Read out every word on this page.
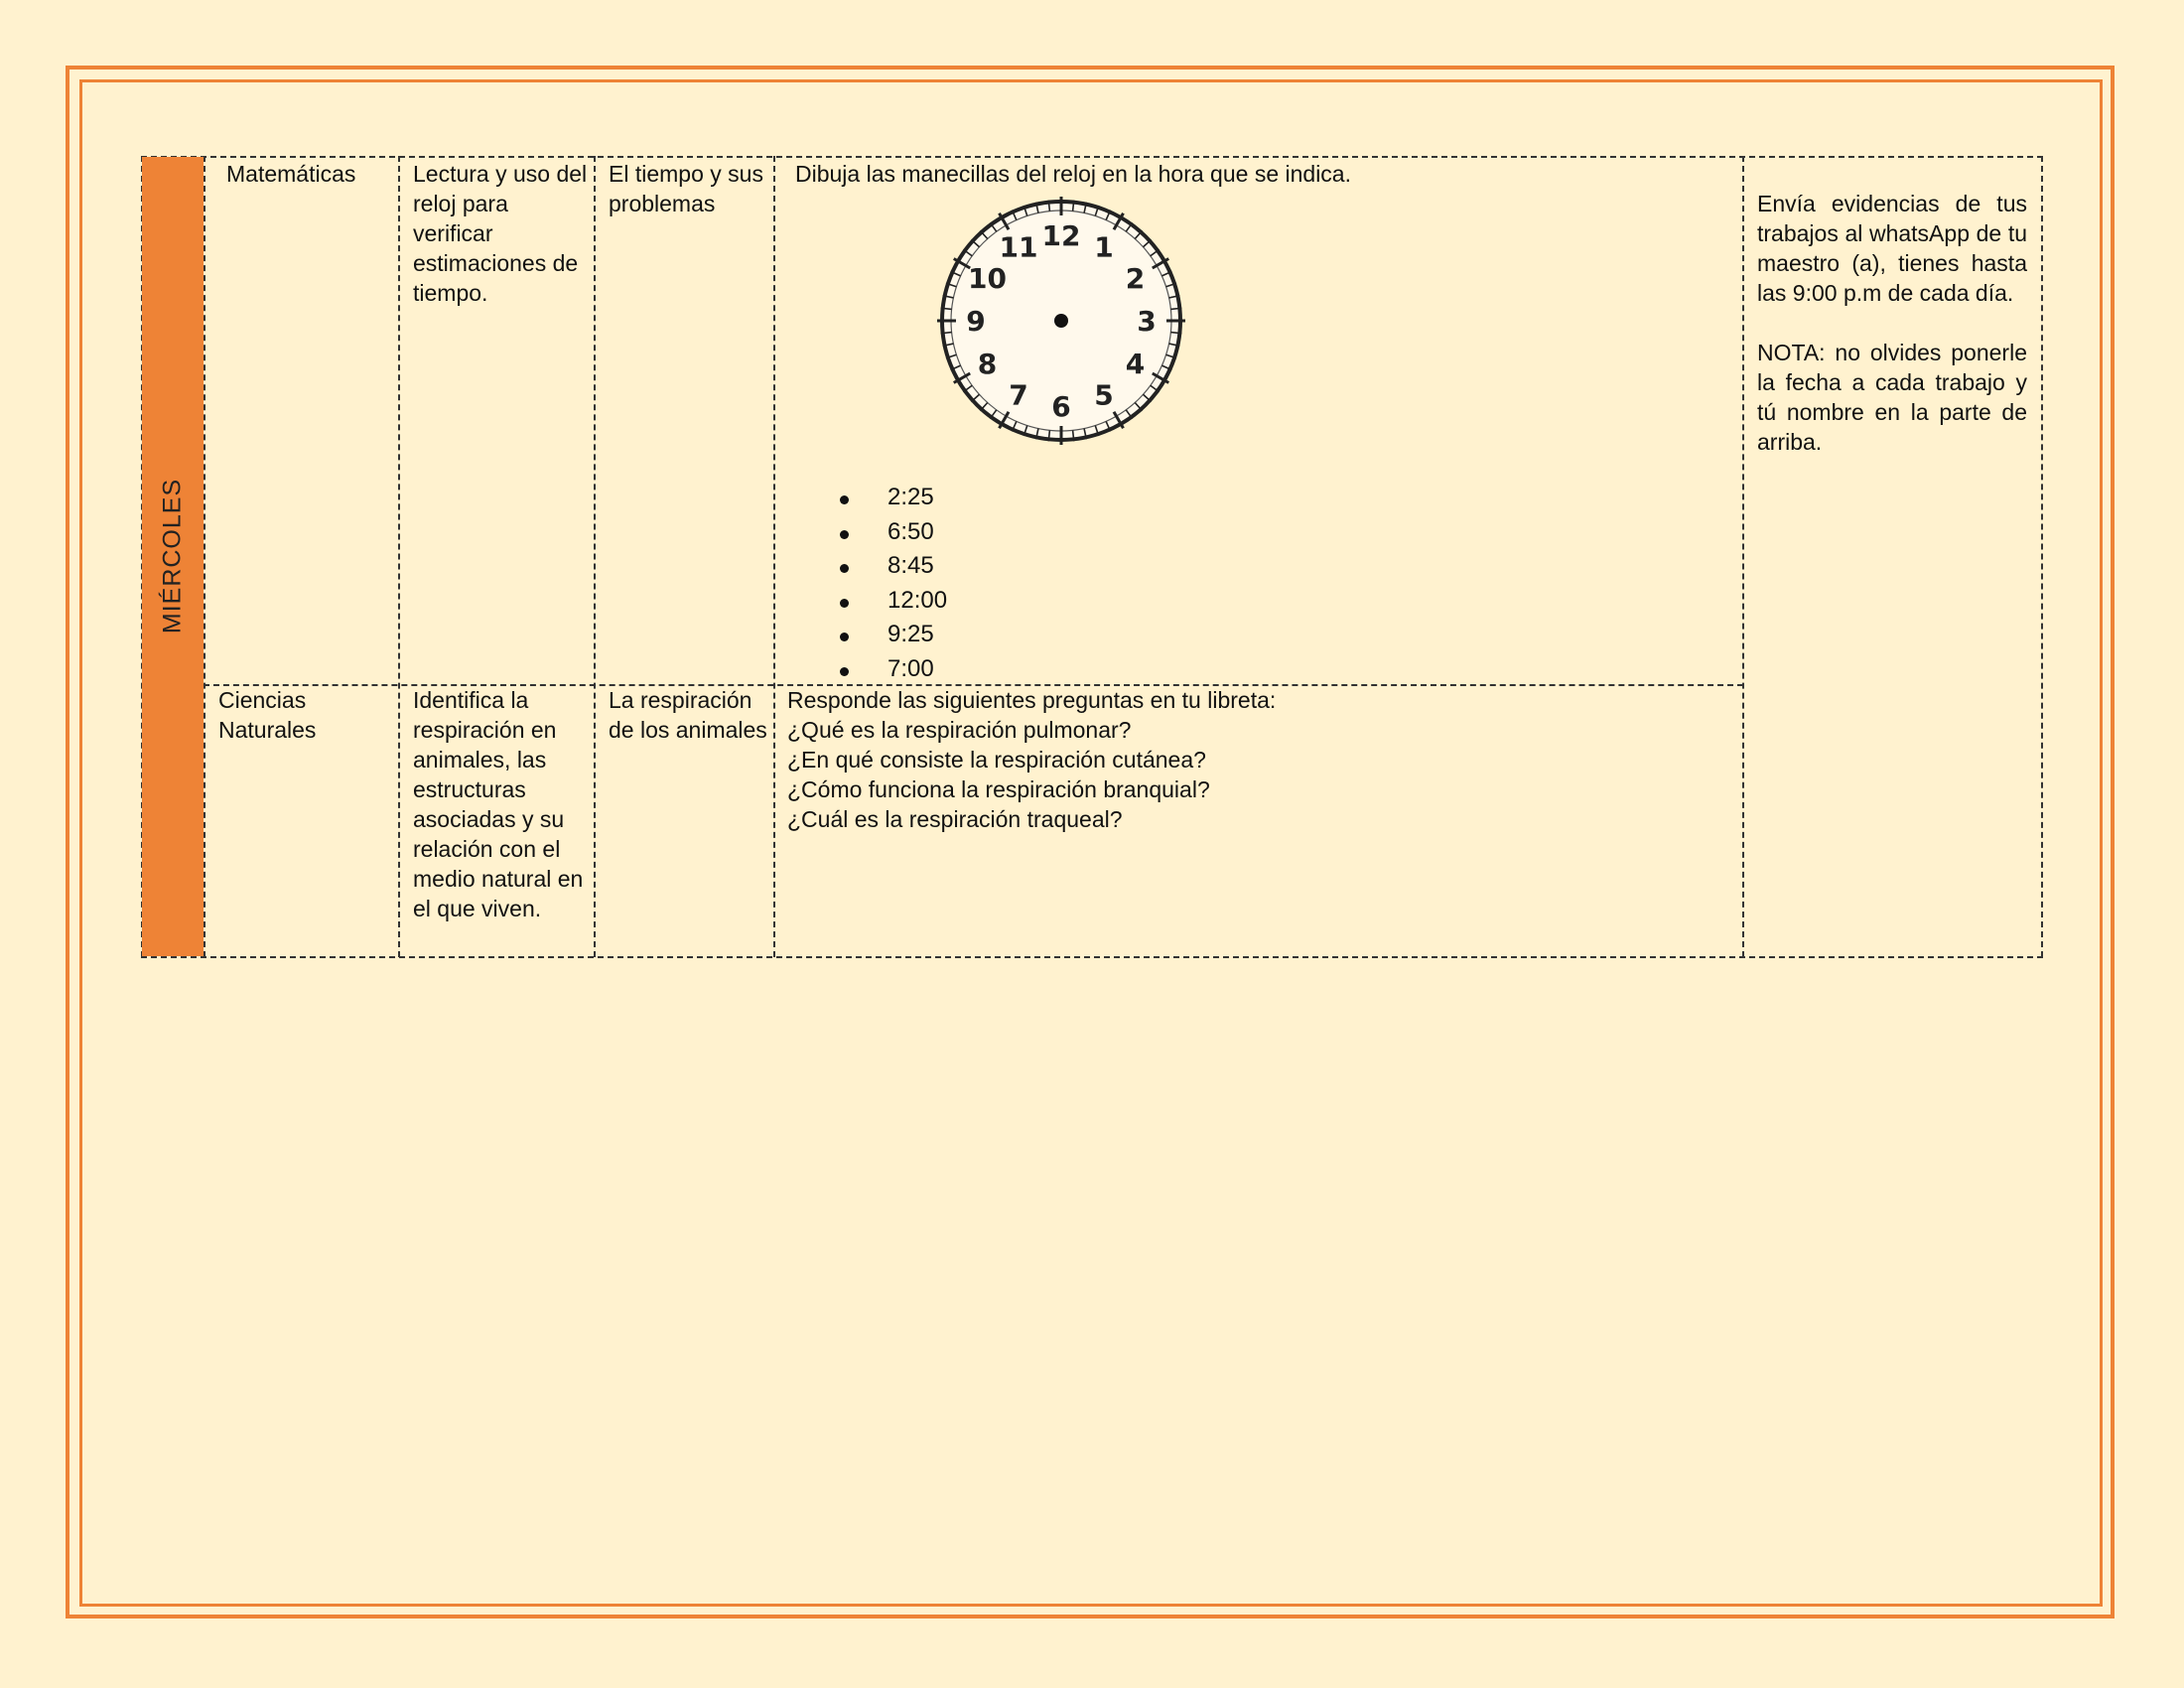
MIÉRCOLES
Matemáticas	Lectura y uso del reloj para verificar estimaciones de tiempo.
El tiempo y sus problemas
Dibuja las manecillas del reloj en la hora que se indica.
12 1
2
3
4
5
6
7
8
9
10
11
2:25
6:50
8:45
12:00
9:25
7:00
Ciencias Naturales
Identifica la respiración en animales, las estructuras asociadas y su relación con el medio natural en el que viven.
La respiración de los animales
Responde las siguientes preguntas en tu libreta:
¿Qué es la respiración pulmonar?
¿En qué consiste la respiración cutánea?
¿Cómo funciona la respiración branquial?
¿Cuál es la respiración traqueal?
Envía evidencias de tus trabajos al whatsApp de tu maestro (a), tienes hasta las 9:00 p.m de cada día.
NOTA: no olvides ponerle la fecha a cada trabajo y tú nombre en la parte de arriba.
